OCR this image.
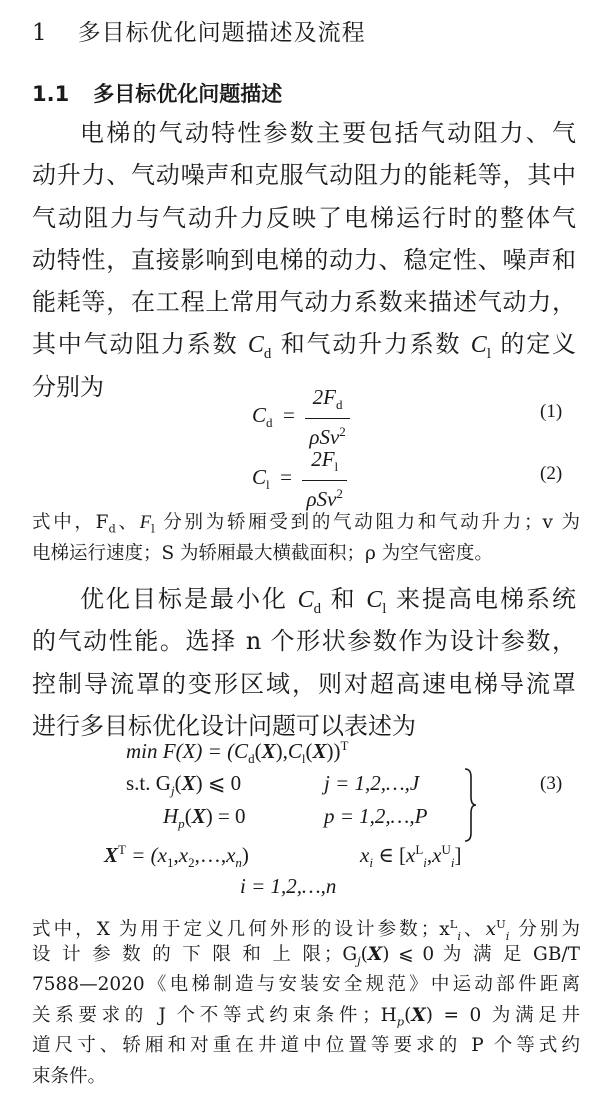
1 多目标优化问题描述及流程
1.1 多目标优化问题描述
电梯的气动特性参数主要包括气动阻力、气
动升力、气动噪声和克服气动阻力的能耗等，其中
气动阻力与气动升力反映了电梯运行时的整体气
动特性，直接影响到电梯的动力、稳定性、噪声和
能耗等，在工程上常用气动力系数来描述气动力，
其中气动阻力系数 $C_d$ 和气动升力系数 $C_l$ 的定义
分别为
$C_d = \frac{2F_d}{\rho Sv^2}$	(1)
$C_l = \frac{2F_l}{\rho Sv^2}$	(2)
式中，$F_d$、$F_l$ 分别为轿厢受到的气动阻力和气动升力；v 为
电梯运行速度；S 为轿厢最大横截面积；ρ 为空气密度。
优化目标是最小化 $C_d$ 和 $C_l$ 来提高电梯系统
的气动性能。选择 n 个形状参数作为设计参数，
控制导流罩的变形区域，则对超高速电梯导流罩
进行多目标优化设计问题可以表述为
$\min F(X) = (C_d(X),C_l(X))^T$
s.t. $G_j(X)$ ⩽ 0	j = 1,2,…,J
$H_p(X) = 0$	p = 1,2,…,P
(3)
$X^T$ = $(x_1,x_2,\dots,x_n)$	$x_i$ ∈ $[x^L_i,x^U_i]$
i = 1,2,…,n
式中，X 为用于定义几何外形的设计参数；$x^L_i$、$x^U_i$ 分别为
设 计 参 数 的 下 限 和 上 限；$G_j(X)$ ⩽ 0 为 满 足 GB/T
7588—2020《电梯制造与安装安全规范》中运动部件距离
关系要求的 J 个不等式约束条件；$H_p(X) = 0$ 为满足井
道尺寸、轿厢和对重在井道中位置等要求的 P 个等式约
束条件。
